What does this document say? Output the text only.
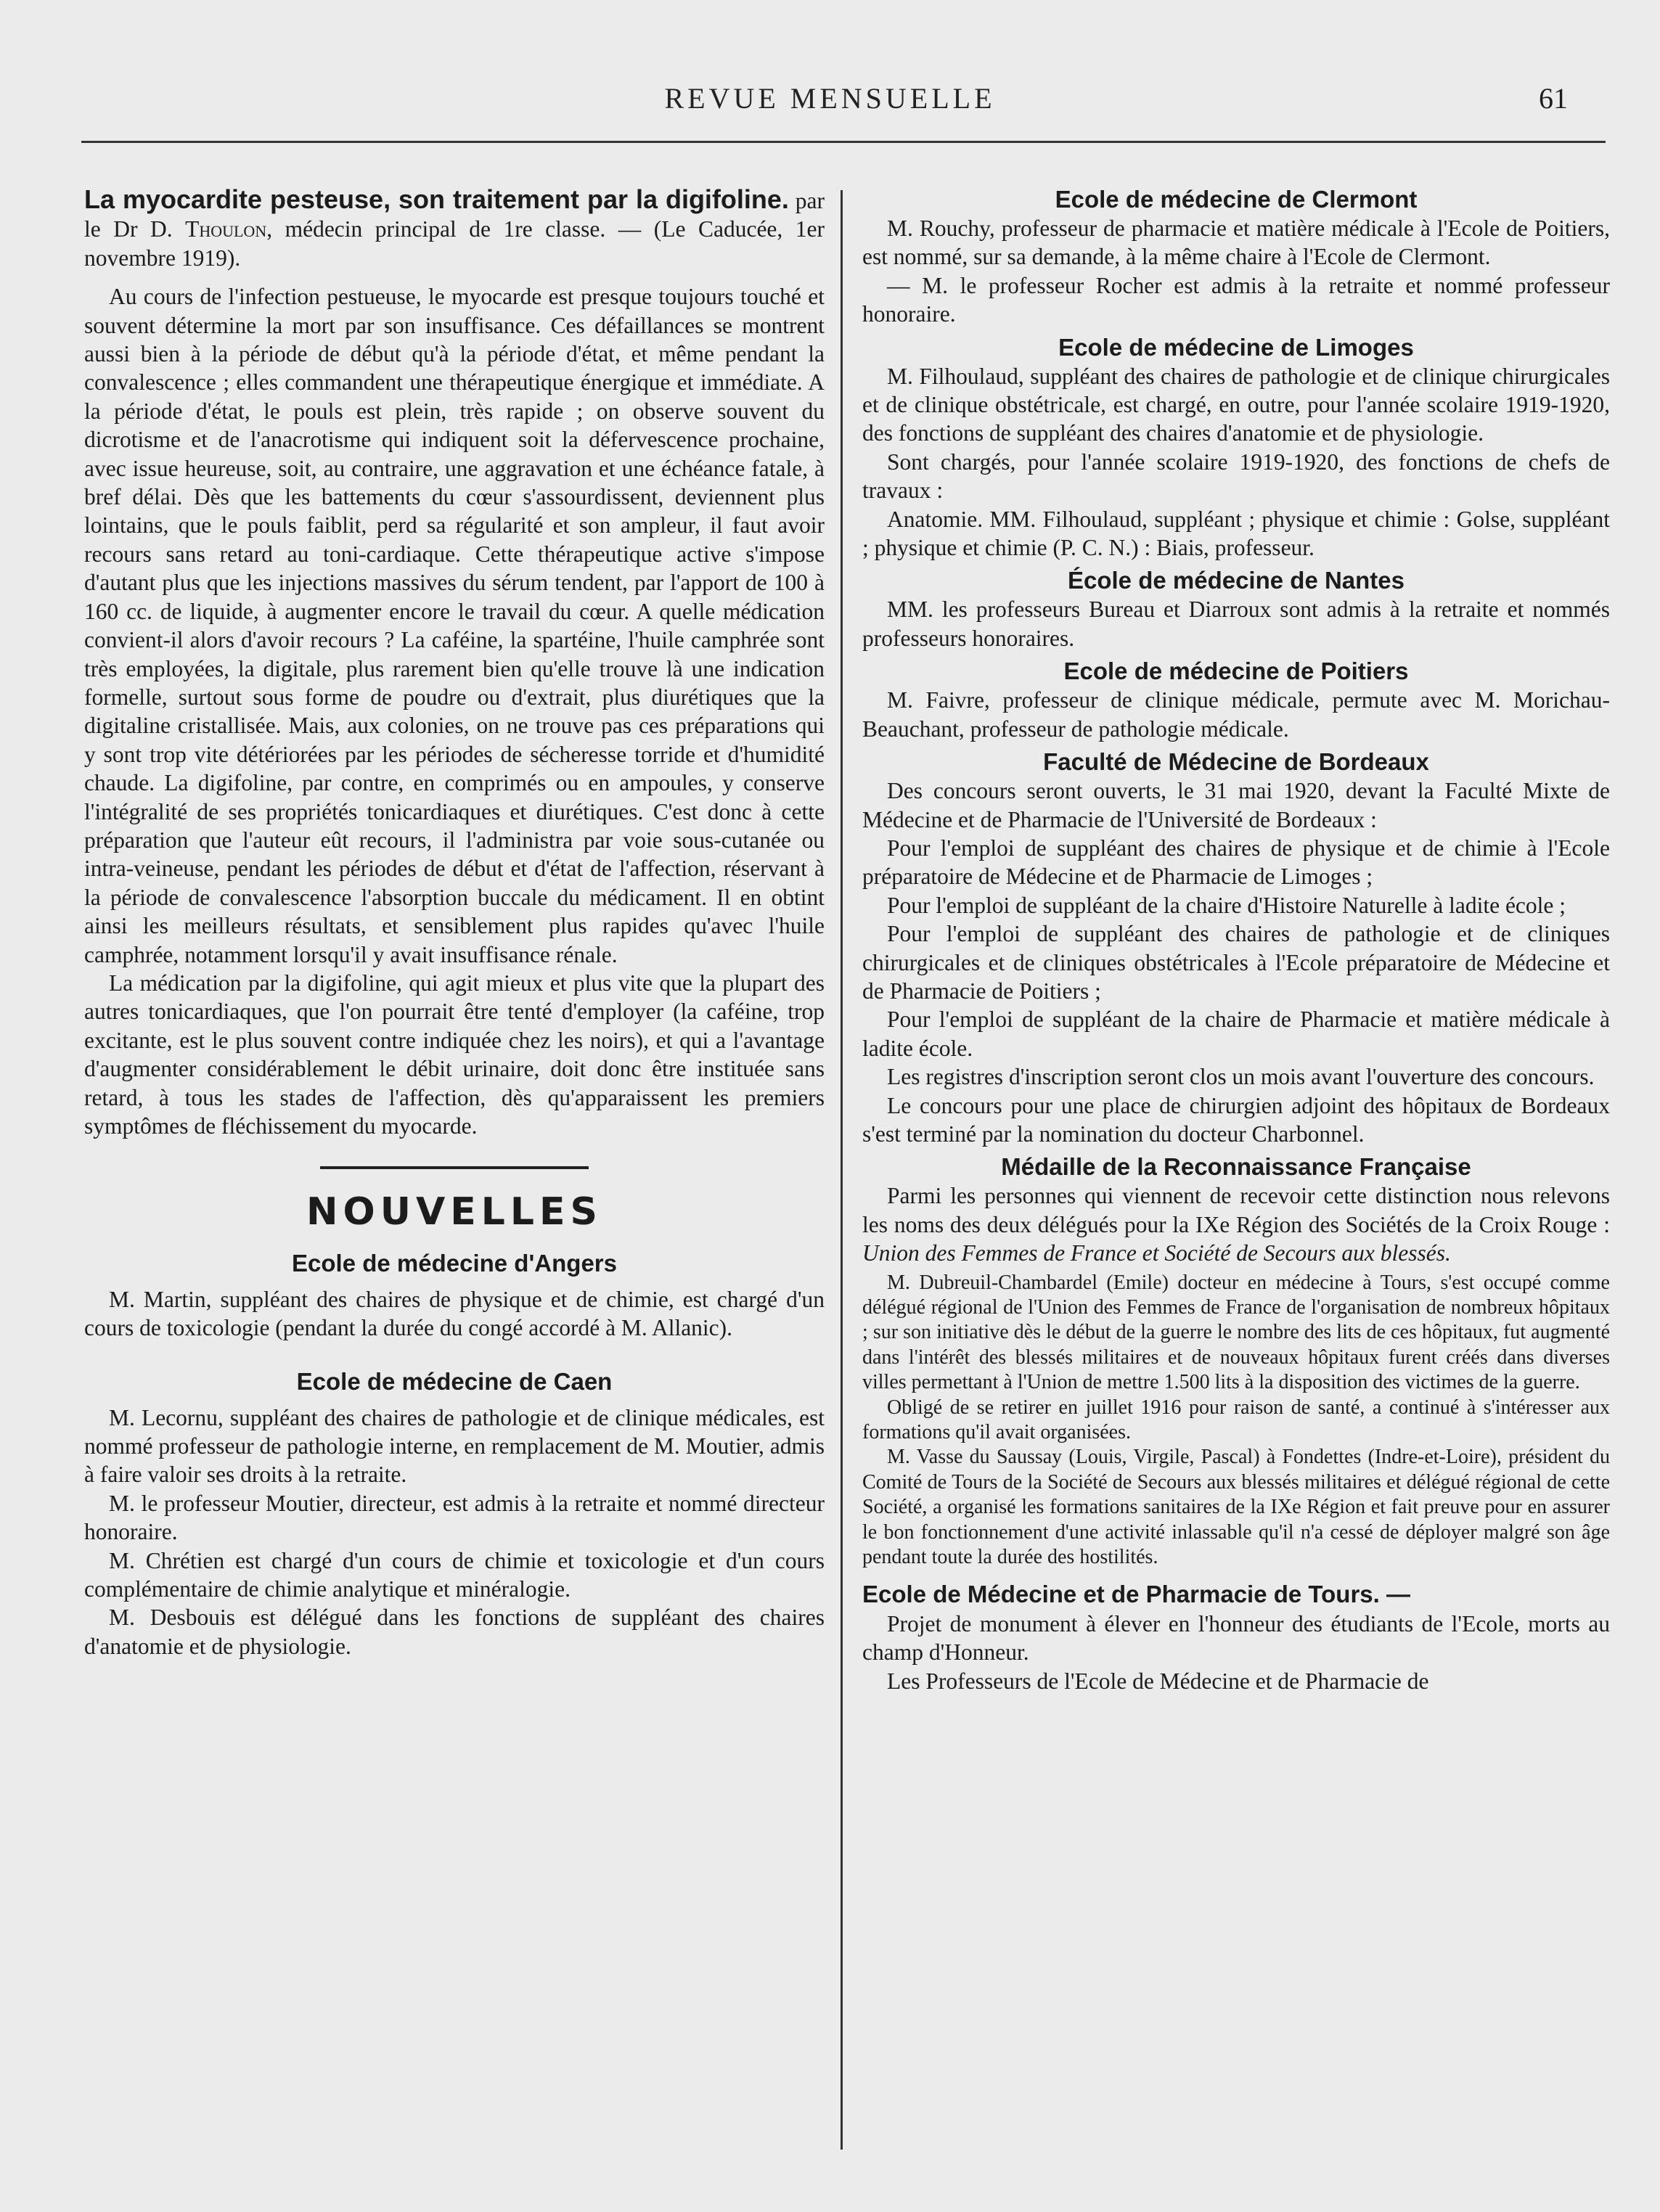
REVUE MENSUELLE	61

La myocardite pesteuse, son traitement par la digifoline. par le Dr D. Thoulon, médecin principal de 1re classe. — (Le Caducée, 1er novembre 1919).

Au cours de l'infection pestueuse, le myocarde est presque toujours touché et souvent détermine la mort par son insuffisance. Ces défaillances se montrent aussi bien à la période de début qu'à la période d'état, et même pendant la convalescence ; elles commandent une thérapeutique énergique et immédiate. A la période d'état, le pouls est plein, très rapide ; on observe souvent du dicrotisme et de l'anacrotisme qui indiquent soit la défervescence prochaine, avec issue heureuse, soit, au contraire, une aggravation et une échéance fatale, à bref délai. Dès que les battements du cœur s'assourdissent, deviennent plus lointains, que le pouls faiblit, perd sa régularité et son ampleur, il faut avoir recours sans retard au toni-cardiaque. Cette thérapeutique active s'impose d'autant plus que les injections massives du sérum tendent, par l'apport de 100 à 160 cc. de liquide, à augmenter encore le travail du cœur. A quelle médication convient-il alors d'avoir recours ? La caféine, la spartéine, l'huile camphrée sont très employées, la digitale, plus rarement bien qu'elle trouve là une indication formelle, surtout sous forme de poudre ou d'extrait, plus diurétiques que la digitaline cristallisée. Mais, aux colonies, on ne trouve pas ces préparations qui y sont trop vite détériorées par les périodes de sécheresse torride et d'humidité chaude. La digifoline, par contre, en comprimés ou en ampoules, y conserve l'intégralité de ses propriétés tonicardiaques et diurétiques. C'est donc à cette préparation que l'auteur eût recours, il l'administra par voie sous-cutanée ou intra-veineuse, pendant les périodes de début et d'état de l'affection, réservant à la période de convalescence l'absorption buccale du médicament. Il en obtint ainsi les meilleurs résultats, et sensiblement plus rapides qu'avec l'huile camphrée, notamment lorsqu'il y avait insuffisance rénale.

La médication par la digifoline, qui agit mieux et plus vite que la plupart des autres tonicardiaques, que l'on pourrait être tenté d'employer (la caféine, trop excitante, est le plus souvent contre indiquée chez les noirs), et qui a l'avantage d'augmenter considérablement le débit urinaire, doit donc être instituée sans retard, à tous les stades de l'affection, dès qu'apparaissent les premiers symptômes de fléchissement du myocarde.

NOUVELLES
Ecole de médecine d'Angers

M. Martin, suppléant des chaires de physique et de chimie, est chargé d'un cours de toxicologie (pendant la durée du congé accordé à M. Allanic).

Ecole de médecine de Caen

M. Lecornu, suppléant des chaires de pathologie et de clinique médicales, est nommé professeur de pathologie interne, en remplacement de M. Moutier, admis à faire valoir ses droits à la retraite.

M. le professeur Moutier, directeur, est admis à la retraite et nommé directeur honoraire.

M. Chrétien est chargé d'un cours de chimie et toxicologie et d'un cours complémentaire de chimie analytique et minéralogie.

M. Desbouis est délégué dans les fonctions de suppléant des chaires d'anatomie et de physiologie.

Ecole de médecine de Clermont

M. Rouchy, professeur de pharmacie et matière médicale à l'Ecole de Poitiers, est nommé, sur sa demande, à la même chaire à l'Ecole de Clermont.

— M. le professeur Rocher est admis à la retraite et nommé professeur honoraire.

Ecole de médecine de Limoges

M. Filhoulaud, suppléant des chaires de pathologie et de clinique chirurgicales et de clinique obstétricale, est chargé, en outre, pour l'année scolaire 1919-1920, des fonctions de suppléant des chaires d'anatomie et de physiologie.

Sont chargés, pour l'année scolaire 1919-1920, des fonctions de chefs de travaux :

Anatomie. MM. Filhoulaud, suppléant ; physique et chimie : Golse, suppléant ; physique et chimie (P. C. N.) : Biais, professeur.

École de médecine de Nantes

MM. les professeurs Bureau et Diarroux sont admis à la retraite et nommés professeurs honoraires.

Ecole de médecine de Poitiers

M. Faivre, professeur de clinique médicale, permute avec M. Morichau-Beauchant, professeur de pathologie médicale.

Faculté de Médecine de Bordeaux

Des concours seront ouverts, le 31 mai 1920, devant la Faculté Mixte de Médecine et de Pharmacie de l'Université de Bordeaux :

Pour l'emploi de suppléant des chaires de physique et de chimie à l'Ecole préparatoire de Médecine et de Pharmacie de Limoges ;

Pour l'emploi de suppléant de la chaire d'Histoire Naturelle à ladite école ;

Pour l'emploi de suppléant des chaires de pathologie et de cliniques chirurgicales et de cliniques obstétricales à l'Ecole préparatoire de Médecine et de Pharmacie de Poitiers ;

Pour l'emploi de suppléant de la chaire de Pharmacie et matière médicale à ladite école.

Les registres d'inscription seront clos un mois avant l'ouverture des concours.

Le concours pour une place de chirurgien adjoint des hôpitaux de Bordeaux s'est terminé par la nomination du docteur Charbonnel.

Médaille de la Reconnaissance Française

Parmi les personnes qui viennent de recevoir cette distinction nous relevons les noms des deux délégués pour la IXe Région des Sociétés de la Croix Rouge : Union des Femmes de France et Société de Secours aux blessés.

M. Dubreuil-Chambardel (Emile) docteur en médecine à Tours, s'est occupé comme délégué régional de l'Union des Femmes de France de l'organisation de nombreux hôpitaux ; sur son initiative dès le début de la guerre le nombre des lits de ces hôpitaux, fut augmenté dans l'intérêt des blessés militaires et de nouveaux hôpitaux furent créés dans diverses villes permettant à l'Union de mettre 1.500 lits à la disposition des victimes de la guerre.

Obligé de se retirer en juillet 1916 pour raison de santé, a continué à s'intéresser aux formations qu'il avait organisées.

M. Vasse du Saussay (Louis, Virgile, Pascal) à Fondettes (Indre-et-Loire), président du Comité de Tours de la Société de Secours aux blessés militaires et délégué régional de cette Société, a organisé les formations sanitaires de la IXe Région et fait preuve pour en assurer le bon fonctionnement d'une activité inlassable qu'il n'a cessé de déployer malgré son âge pendant toute la durée des hostilités.

Ecole de Médecine et de Pharmacie de Tours. —

Projet de monument à élever en l'honneur des étudiants de l'Ecole, morts au champ d'Honneur.

Les Professeurs de l'Ecole de Médecine et de Pharmacie de
